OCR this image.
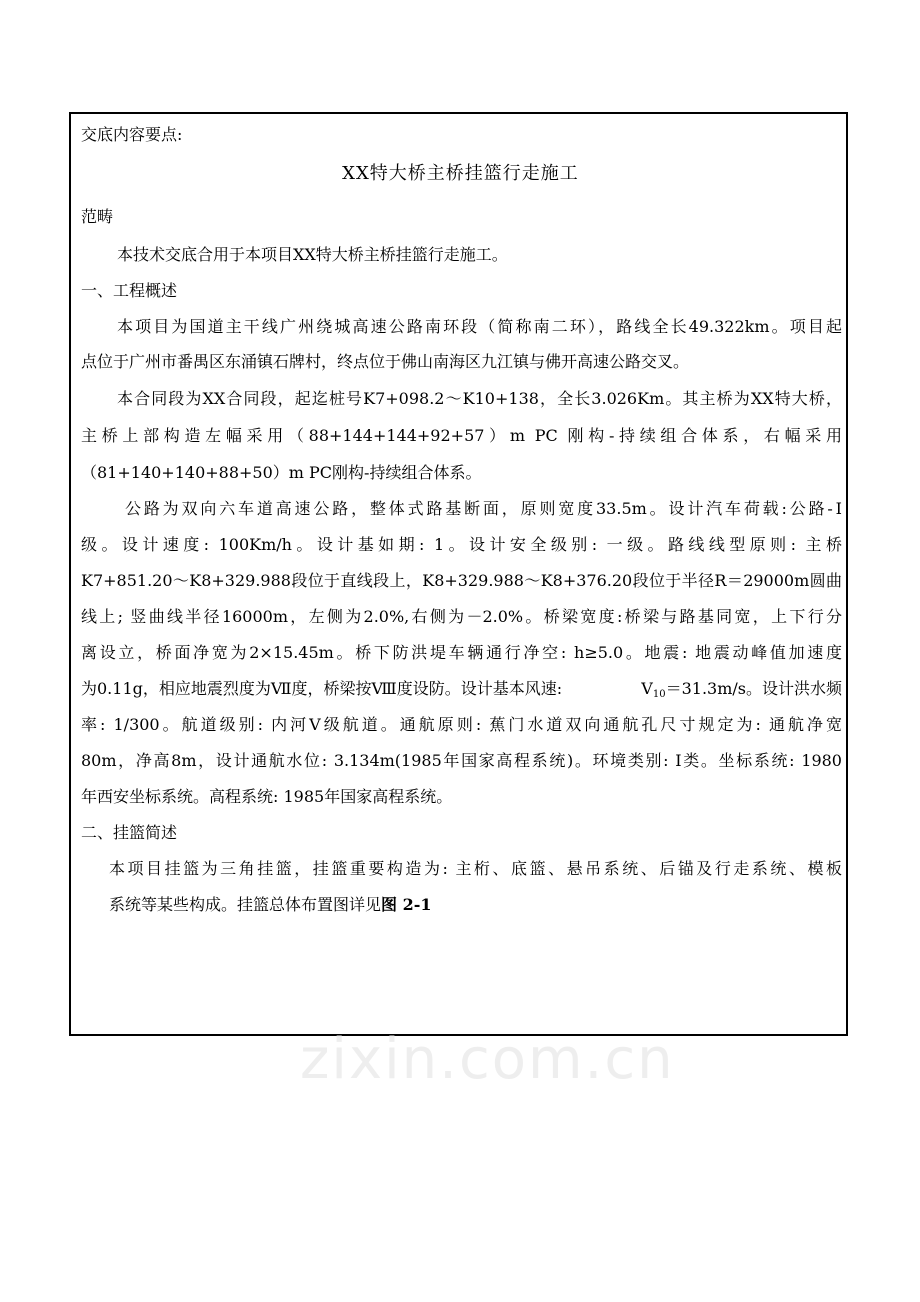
交底内容要点:
XX特大桥主桥挂篮行走施工
范畴
本技术交底合用于本项目XX特大桥主桥挂篮行走施工。
一、工程概述
本项目为国道主干线广州绕城高速公路南环段（简称南二环），路线全长49.322km。项目起
点位于广州市番禺区东涌镇石牌村，终点位于佛山南海区九江镇与佛开高速公路交叉。
本合同段为XX合同段，起迄桩号K7+098.2～K10+138，全长3.026Km。其主桥为XX特大桥，
主桥上部构造左幅采用（88+144+144+92+57）m PC 刚构-持续组合体系，右幅采用
（81+140+140+88+50）m PC刚构-持续组合体系。
公路为双向六车道高速公路，整体式路基断面，原则宽度33.5m。设计汽车荷载:公路-Ⅰ
级。设计速度: 100Km/h。设计基如期: 1。设计安全级别: 一级。路线线型原则: 主桥
K7+851.20～K8+329.988段位于直线段上，K8+329.988～K8+376.20段位于半径R＝29000m圆曲
线上; 竖曲线半径16000m，左侧为2.0%,右侧为－2.0%。桥梁宽度:桥梁与路基同宽，上下行分
离设立，桥面净宽为2×15.45m。桥下防洪堤车辆通行净空: h≥5.0。地震: 地震动峰值加速度
为0.11g，相应地震烈度为Ⅶ度，桥梁按Ⅷ度设防。设计基本风速:	$V_{10}=31.3m/s$。设计洪水频
率: 1/300。航道级别: 内河Ⅴ级航道。通航原则: 蕉门水道双向通航孔尺寸规定为: 通航净宽
80m，净高8m，设计通航水位: 3.134m(1985年国家高程系统)。环境类别: Ⅰ类。坐标系统: 1980
年西安坐标系统。高程系统: 1985年国家高程系统。
二、挂篮简述
本项目挂篮为三角挂篮，挂篮重要构造为: 主桁、底篮、悬吊系统、后锚及行走系统、模板
系统等某些构成。挂篮总体布置图详见图 2-1
zixin.com.cn
